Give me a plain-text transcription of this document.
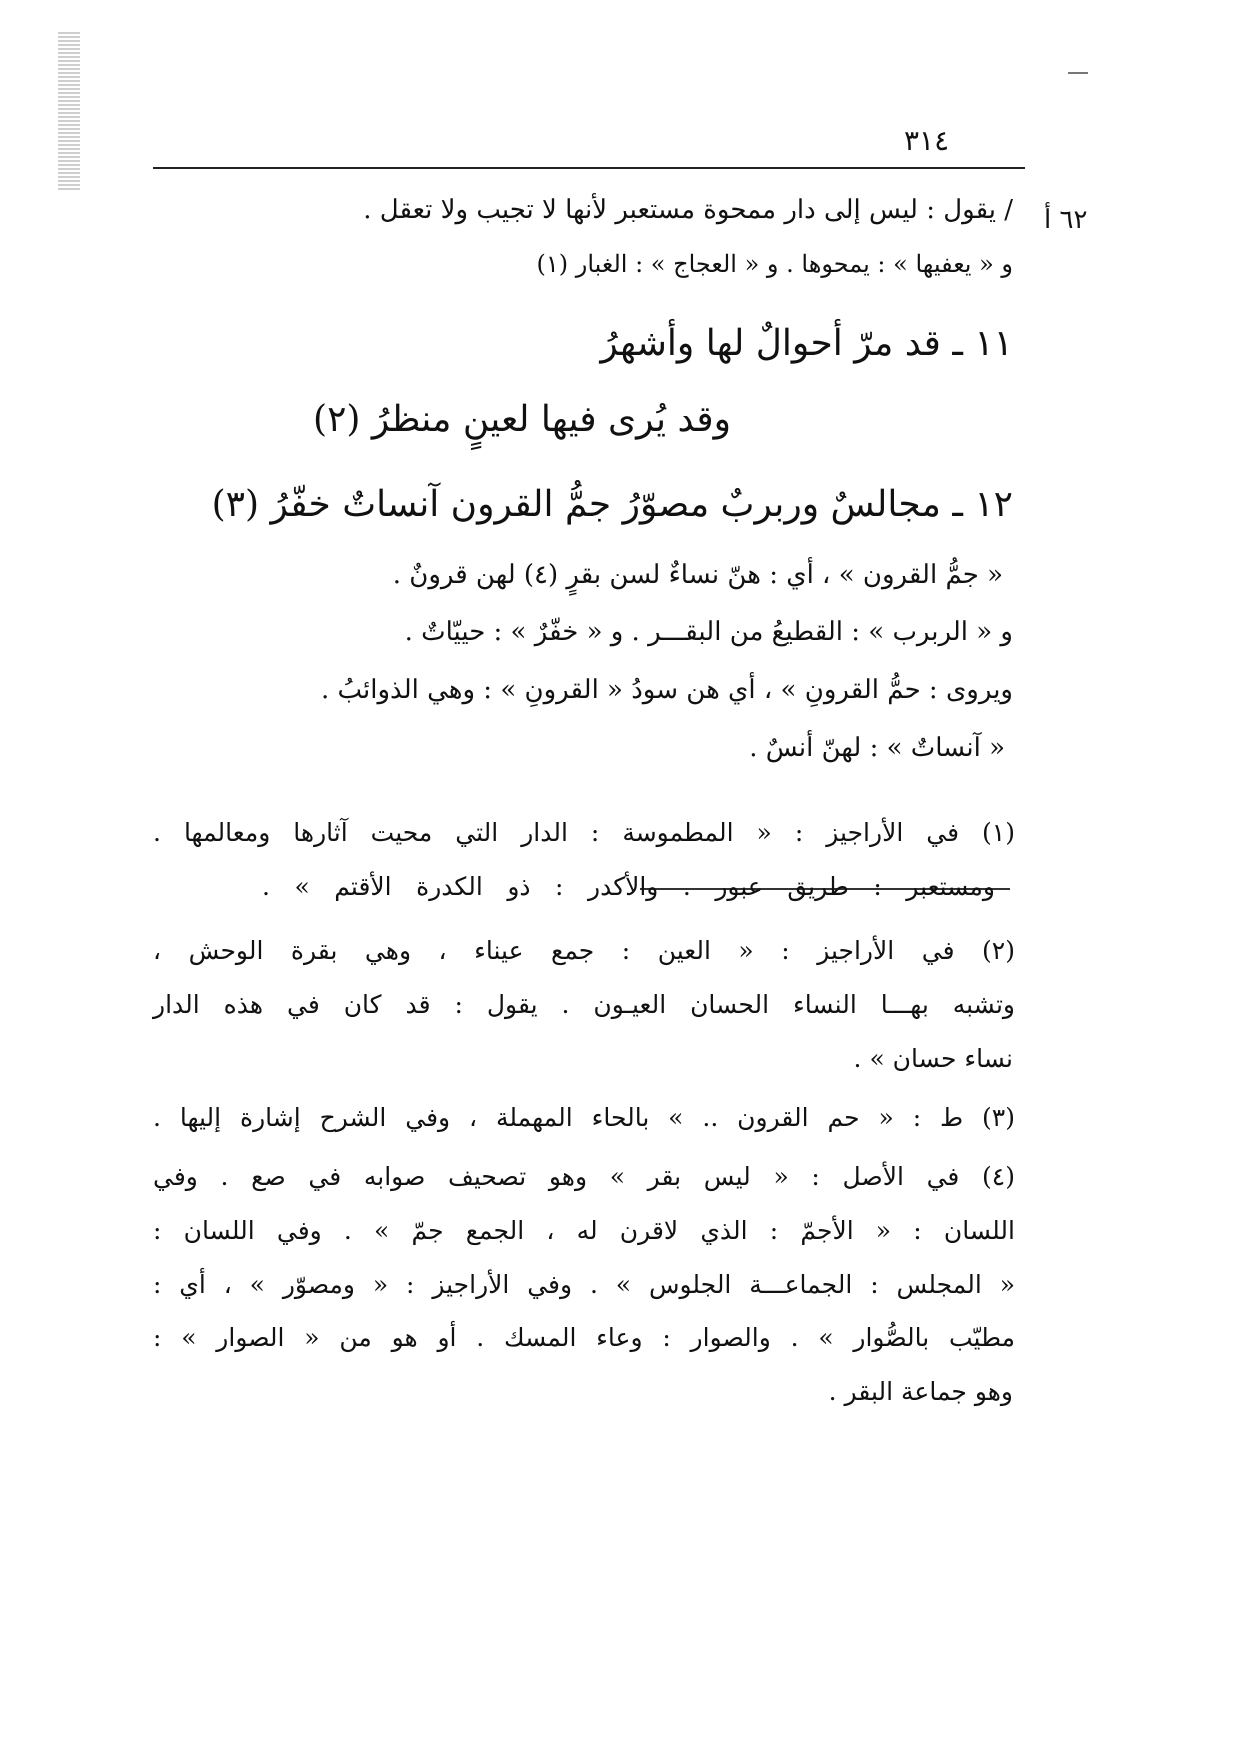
٣١٤
٦٢ أ
/ يقول : ليس إلى دار ممحوة مستعبر لأنها لا تجيب ولا تعقل .
و « يعفيها » : يمحوها . و « العجاج » : الغبار (١)
١١ ـ قد مرّ أحوالٌ لها وأشهرُ
وقد يُرى فيها لعينٍ منظرُ (٢)
١٢ ـ مجالسٌ وربربٌ مصوّرُ جمُّ القرون آنساتٌ خفّرُ (٣)
« جمُّ القرون » ، أي : هنّ نساءٌ لسن بقرٍ (٤) لهن قرونٌ .
و « الربرب » : القطيعُ من البقـــر . و « خفّرٌ » : حييّاتٌ .
ويروى : حمُّ القرونِ » ، أي هن سودُ « القرونِ » : وهي الذوائبُ .
« آنساتٌ » : لهنّ أنسٌ .
(١) في الأراجيز : « المطموسة : الدار التي محيت آثارها ومعالمها .
ومستعبر : طريق عبور . والأكدر : ذو الكدرة الأقتم » .
(٢) في الأراجيز : « العين : جمع عيناء ، وهي بقرة الوحش ،
وتشبه بهـــا النساء الحسان العيـون . يقول : قد كان في هذه الدار
نساء حسان » .
(٣) ط : « حم القرون .. » بالحاء المهملة ، وفي الشرح إشارة إليها .
(٤) في الأصل : « ليس بقر » وهو تصحيف صوابه في صع . وفي
اللسان : « الأجمّ : الذي لاقرن له ، الجمع جمّ » . وفي اللسان :
« المجلس : الجماعـــة الجلوس » . وفي الأراجيز : « ومصوّر » ، أي :
مطيّب بالصُّوار » . والصوار : وعاء المسك . أو هو من « الصوار » :
وهو جماعة البقر .
